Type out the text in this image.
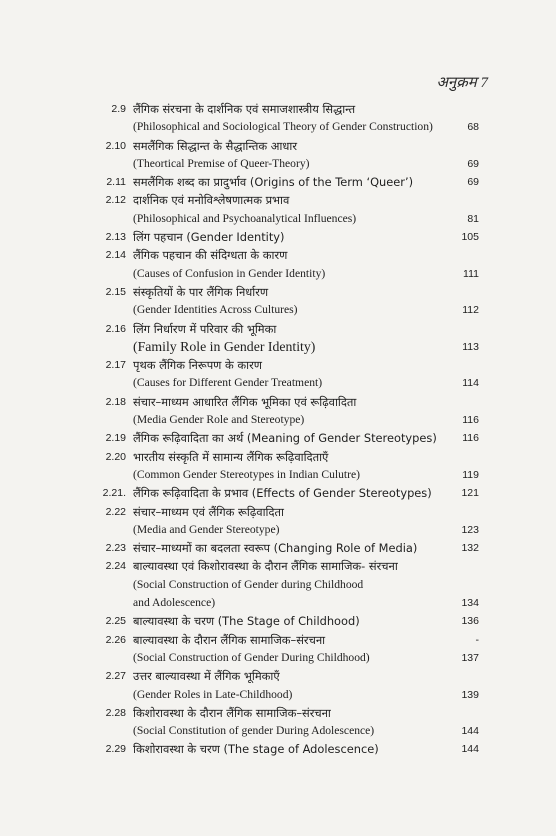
अनुक्रम 7
2.9 लैंगिक संरचना के दार्शनिक एवं समाजशास्त्रीय सिद्धान्त
(Philosophical and Sociological Theory of Gender Construction)	68
2.10 समलैंगिक सिद्धान्त के सैद्धान्तिक आधार
(Theortical Premise of Queer-Theory)	69
2.11 समलैंगिक शब्द का प्रादुर्भाव (Origins of the Term ‘Queer’)	69
2.12 दार्शनिक एवं मनोविश्लेषणात्मक प्रभाव
(Philosophical and Psychoanalytical Influences)	81
2.13 लिंग पहचान (Gender Identity)	105
2.14 लैंगिक पहचान की संदिग्धता के कारण
(Causes of Confusion in Gender Identity)	111
2.15 संस्कृतियों के पार लैंगिक निर्धारण
(Gender Identities Across Cultures)	112
2.16 लिंग निर्धारण में परिवार की भूमिका
(Family Role in Gender Identity)	113
2.17 पृथक लैंगिक निरूपण के कारण
(Causes for Different Gender Treatment)	114
2.18 संचार–माध्यम आधारित लैंगिक भूमिका एवं रूढ़िवादिता
(Media Gender Role and Stereotype)	116
2.19 लैंगिक रूढ़िवादिता का अर्थ (Meaning of Gender Stereotypes)	116
2.20 भारतीय संस्कृति में सामान्य लैंगिक रूढ़िवादिताएँ
(Common Gender Stereotypes in Indian Culutre)	119
2.21. लैंगिक रूढ़िवादिता के प्रभाव (Effects of Gender Stereotypes)	121
2.22 संचार–माध्यम एवं लैंगिक रूढ़िवादिता
(Media and Gender Stereotype)	123
2.23 संचार–माध्यमों का बदलता स्वरूप (Changing Role of Media)	132
2.24 बाल्यावस्था एवं किशोरावस्था के दौरान लैंगिक सामाजिक- संरचना
(Social Construction of Gender during Childhood
and Adolescence)	134
2.25 बाल्यावस्था के चरण (The Stage of Childhood)	136
2.26 बाल्यावस्था के दौरान लैंगिक सामाजिक–संरचना	-
(Social Construction of Gender During Childhood)	137
2.27 उत्तर बाल्यावस्था में लैंगिक भूमिकाएँ
(Gender Roles in Late-Childhood)	139
2.28 किशोरावस्था के दौरान लैंगिक सामाजिक–संरचना
(Social Constitution of gender During Adolescence)	144
2.29 किशोरावस्था के चरण (The stage of Adolescence)	144
